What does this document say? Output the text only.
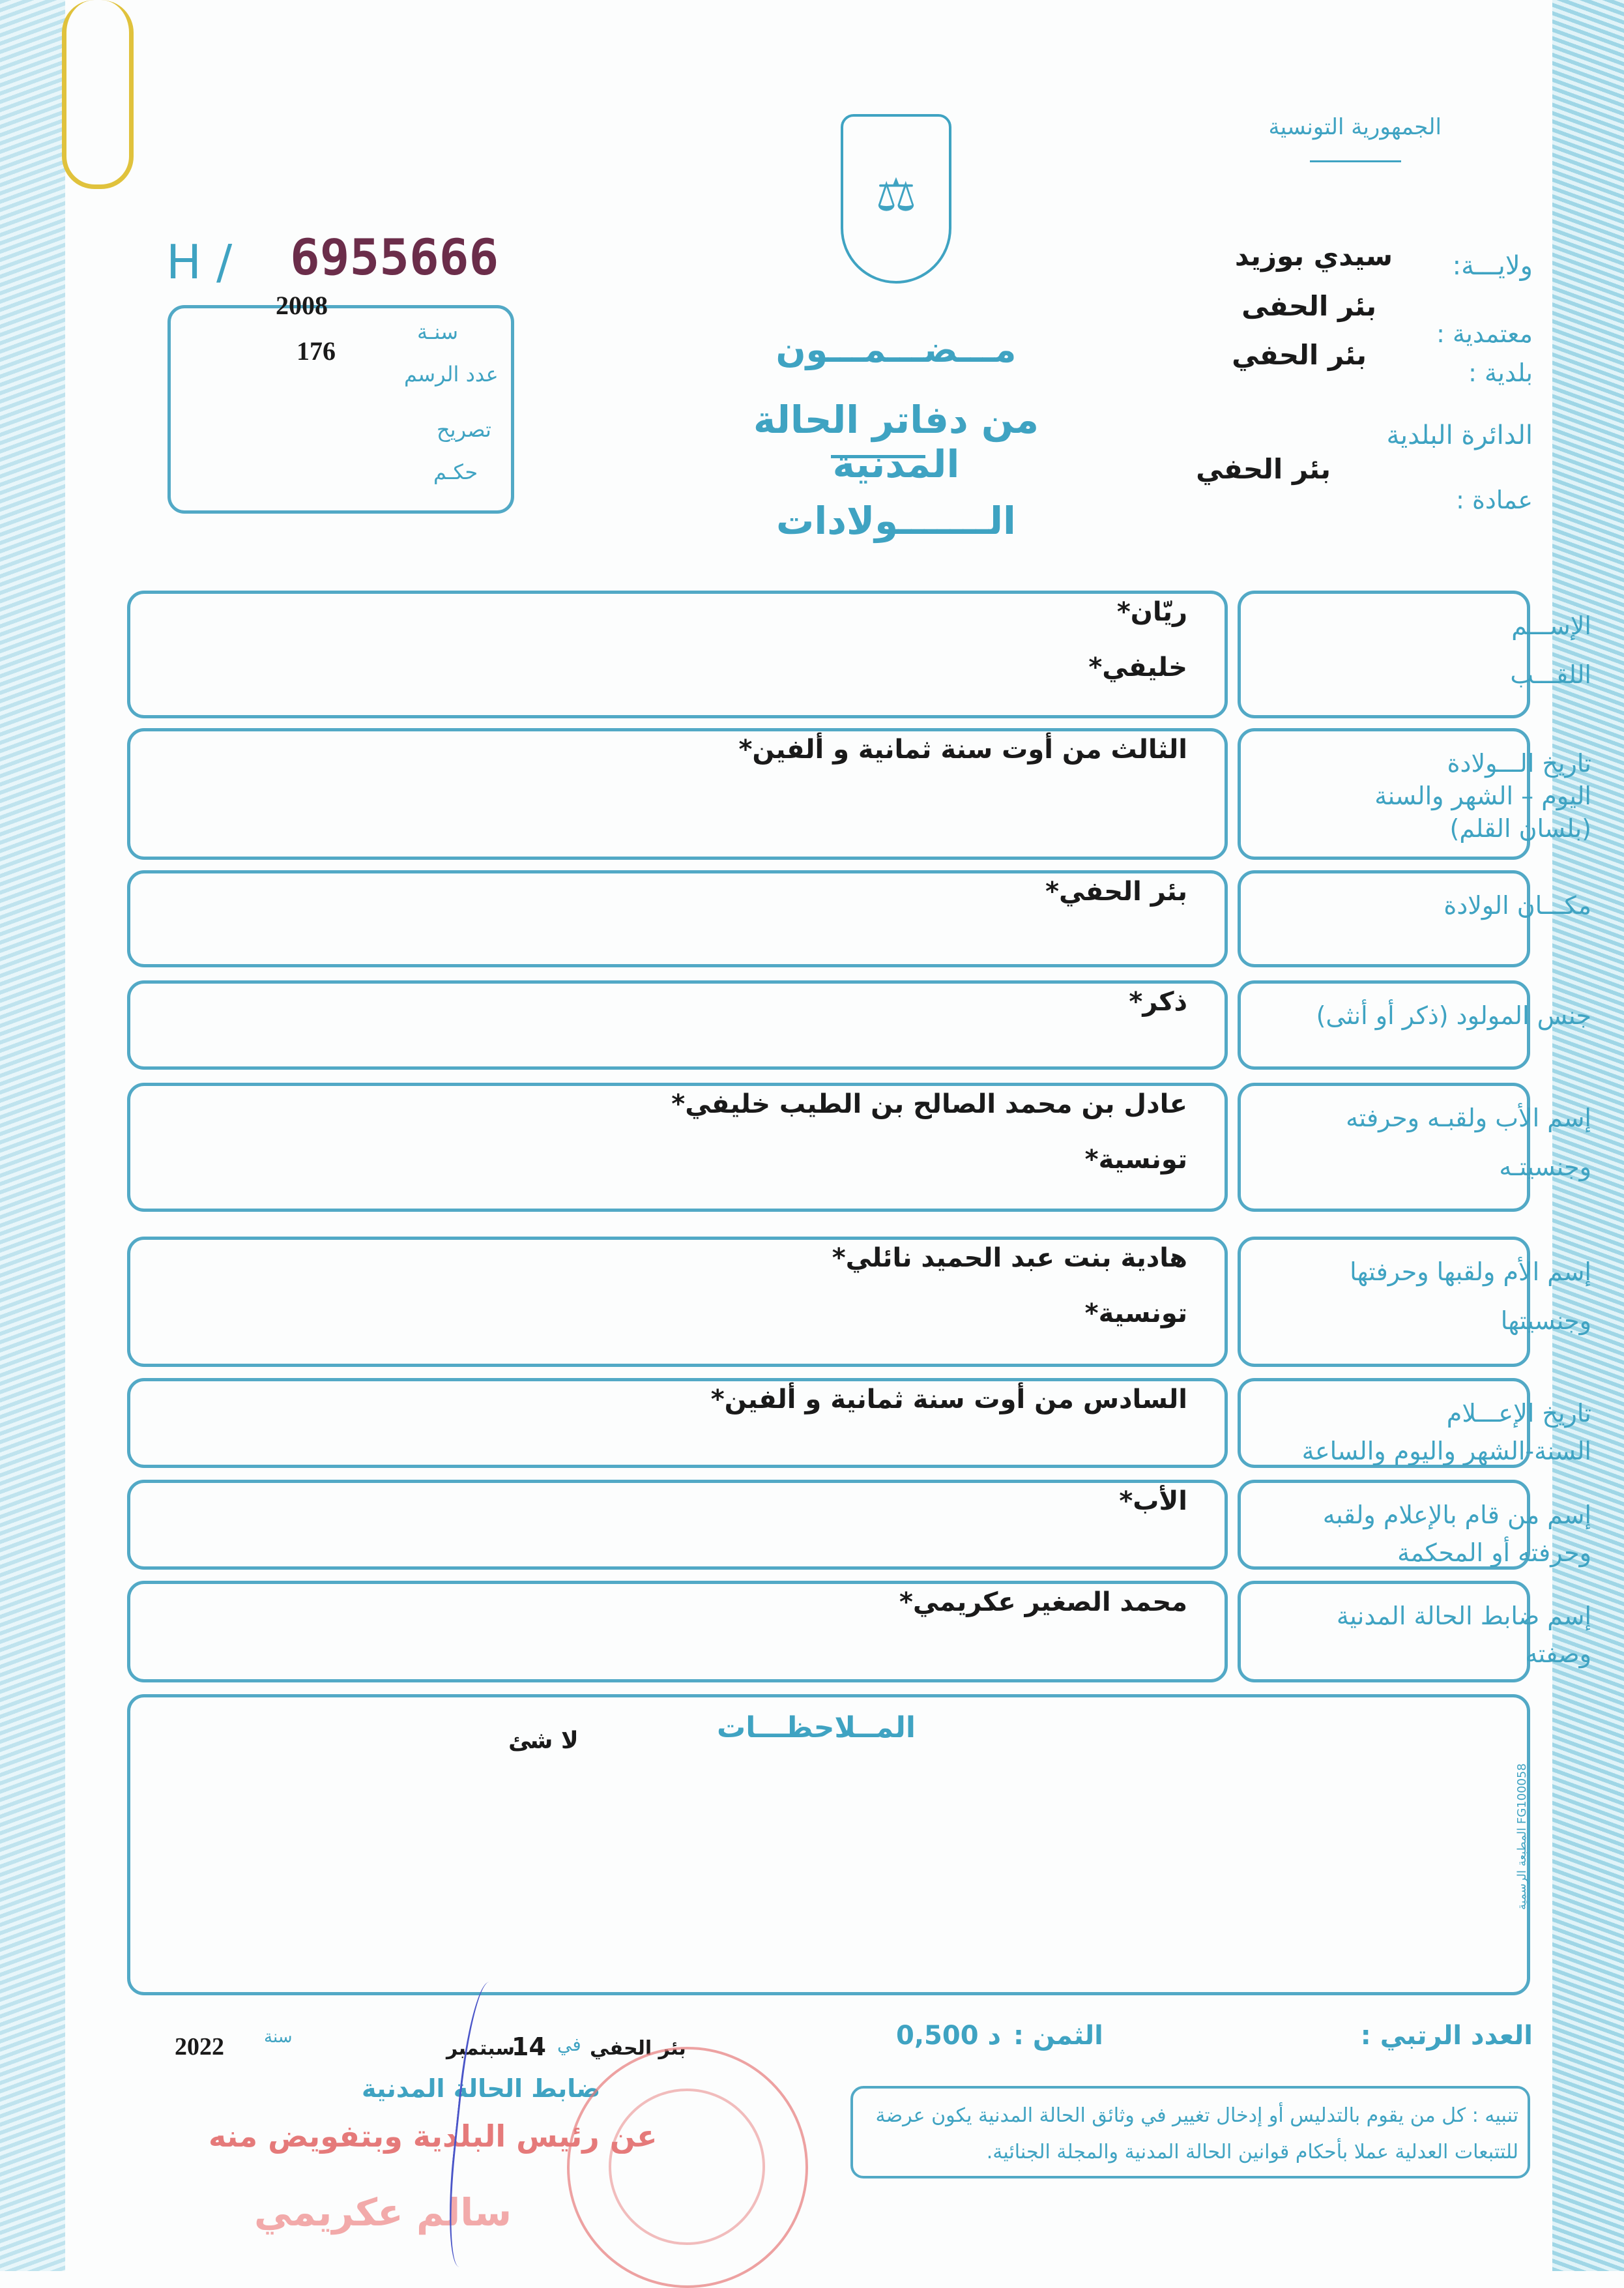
الجمهورية التونسية
⚖
ولايـــة:
سيدي بوزيد
بئر الحفى
معتمدية :
بئر الحفي
بلدية :
الدائرة البلدية
بئر الحفي
عمادة :
H / 6955666
2008
سنـة
176
عدد الرسم
تصريح
حكـم
مـــضـــمـــون
من دفاتر الحالة المدنية
الـــــــولادات
الإســـم
اللقـــب
ريّان*
خليفي*
تاريخ الـــولادة
اليوم – الشهر والسنة
(بلسان القلم)
الثالث من أوت سنة ثمانية و ألفين*
مكـــان الولادة
بئر الحفي*
جنس المولود (ذكر أو أنثى)
ذكر*
إسم الأب ولقبـه وحرفته
وجنسيتـه
عادل بن محمد الصالح بن الطيب خليفي*
تونسية*
إسم الأم ولقبها وحرفتها
وجنسيتها
هادية بنت عبد الحميد نائلي*
تونسية*
تاريخ الإعـــلام
السنة-الشهر واليوم والساعة
السادس من أوت سنة ثمانية و ألفين*
إسم من قام بالإعلام ولقبه
وحرفته أو المحكمة
الأب*
إسم ضابط الحالة المدنية
وصفته
محمد الصغير عكريمي*
المــلاحظـــات
لا شئ
المطبعة الرسمية FG100058
العدد الرتبي :
الثمن :
0,500 د
بئر الحفي
في
14
سبتمبر
سنة
2022
ضابط الحالة المدنية
عن رئيس البلدية وبتفويض منه
سالم عكريمي
تنبيه : كل من يقوم بالتدليس أو إدخال تغيير في وثائق الحالة المدنية يكون عرضة للتتبعات العدلية عملا بأحكام قوانين الحالة المدنية والمجلة الجنائية.
